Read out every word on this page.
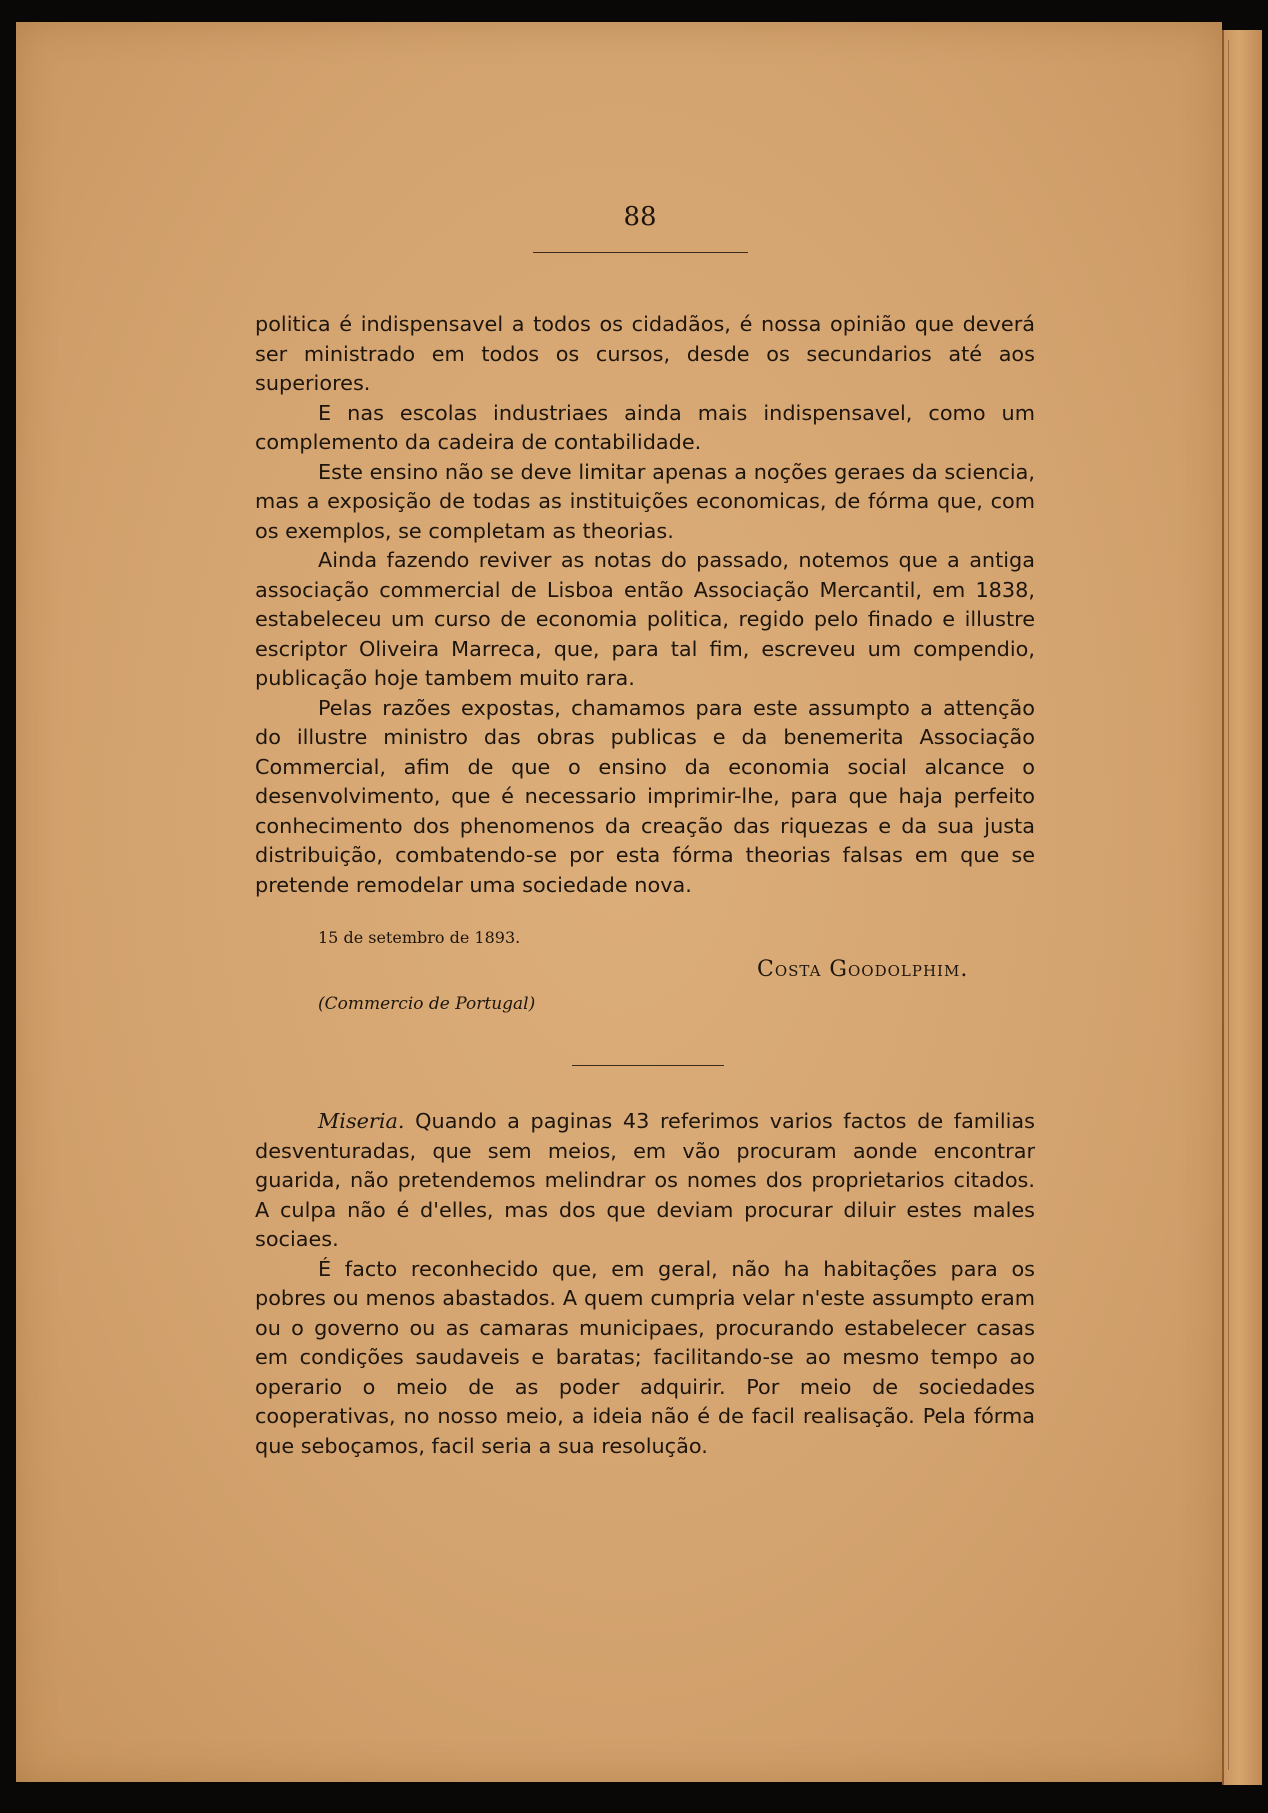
88

politica é indispensavel a todos os cidadãos, é nossa opinião que deverá ser ministrado em todos os cursos, desde os secundarios até aos superiores.

E nas escolas industriaes ainda mais indispensavel, como um complemento da cadeira de contabilidade.

Este ensino não se deve limitar apenas a noções geraes da sciencia, mas a exposição de todas as instituições economicas, de fórma que, com os exemplos, se completam as theorias.

Ainda fazendo reviver as notas do passado, notemos que a antiga associação commercial de Lisboa então Associação Mercantil, em 1838, estabeleceu um curso de economia politica, regido pelo finado e illustre escriptor Oliveira Marreca, que, para tal fim, escreveu um compendio, publicação hoje tambem muito rara.

Pelas razões expostas, chamamos para este assumpto a attenção do illustre ministro das obras publicas e da benemerita Associação Commercial, afim de que o ensino da economia social alcance o desenvolvimento, que é necessario imprimir-lhe, para que haja perfeito conhecimento dos phenomenos da creação das riquezas e da sua justa distribuição, combatendo-se por esta fórma theorias falsas em que se pretende remodelar uma sociedade nova.

15 de setembro de 1893.
Costa Goodolphim.
(Commercio de Portugal)

Miseria. Quando a paginas 43 referimos varios factos de familias desventuradas, que sem meios, em vão procuram aonde encontrar guarida, não pretendemos melindrar os nomes dos proprietarios citados. A culpa não é d'elles, mas dos que deviam procurar diluir estes males sociaes.

É facto reconhecido que, em geral, não ha habitações para os pobres ou menos abastados. A quem cumpria velar n'este assumpto eram ou o governo ou as camaras municipaes, procurando estabelecer casas em condições saudaveis e baratas; facilitando-se ao mesmo tempo ao operario o meio de as poder adquirir. Por meio de sociedades cooperativas, no nosso meio, a ideia não é de facil realisação. Pela fórma que seboçamos, facil seria a sua resolução.
